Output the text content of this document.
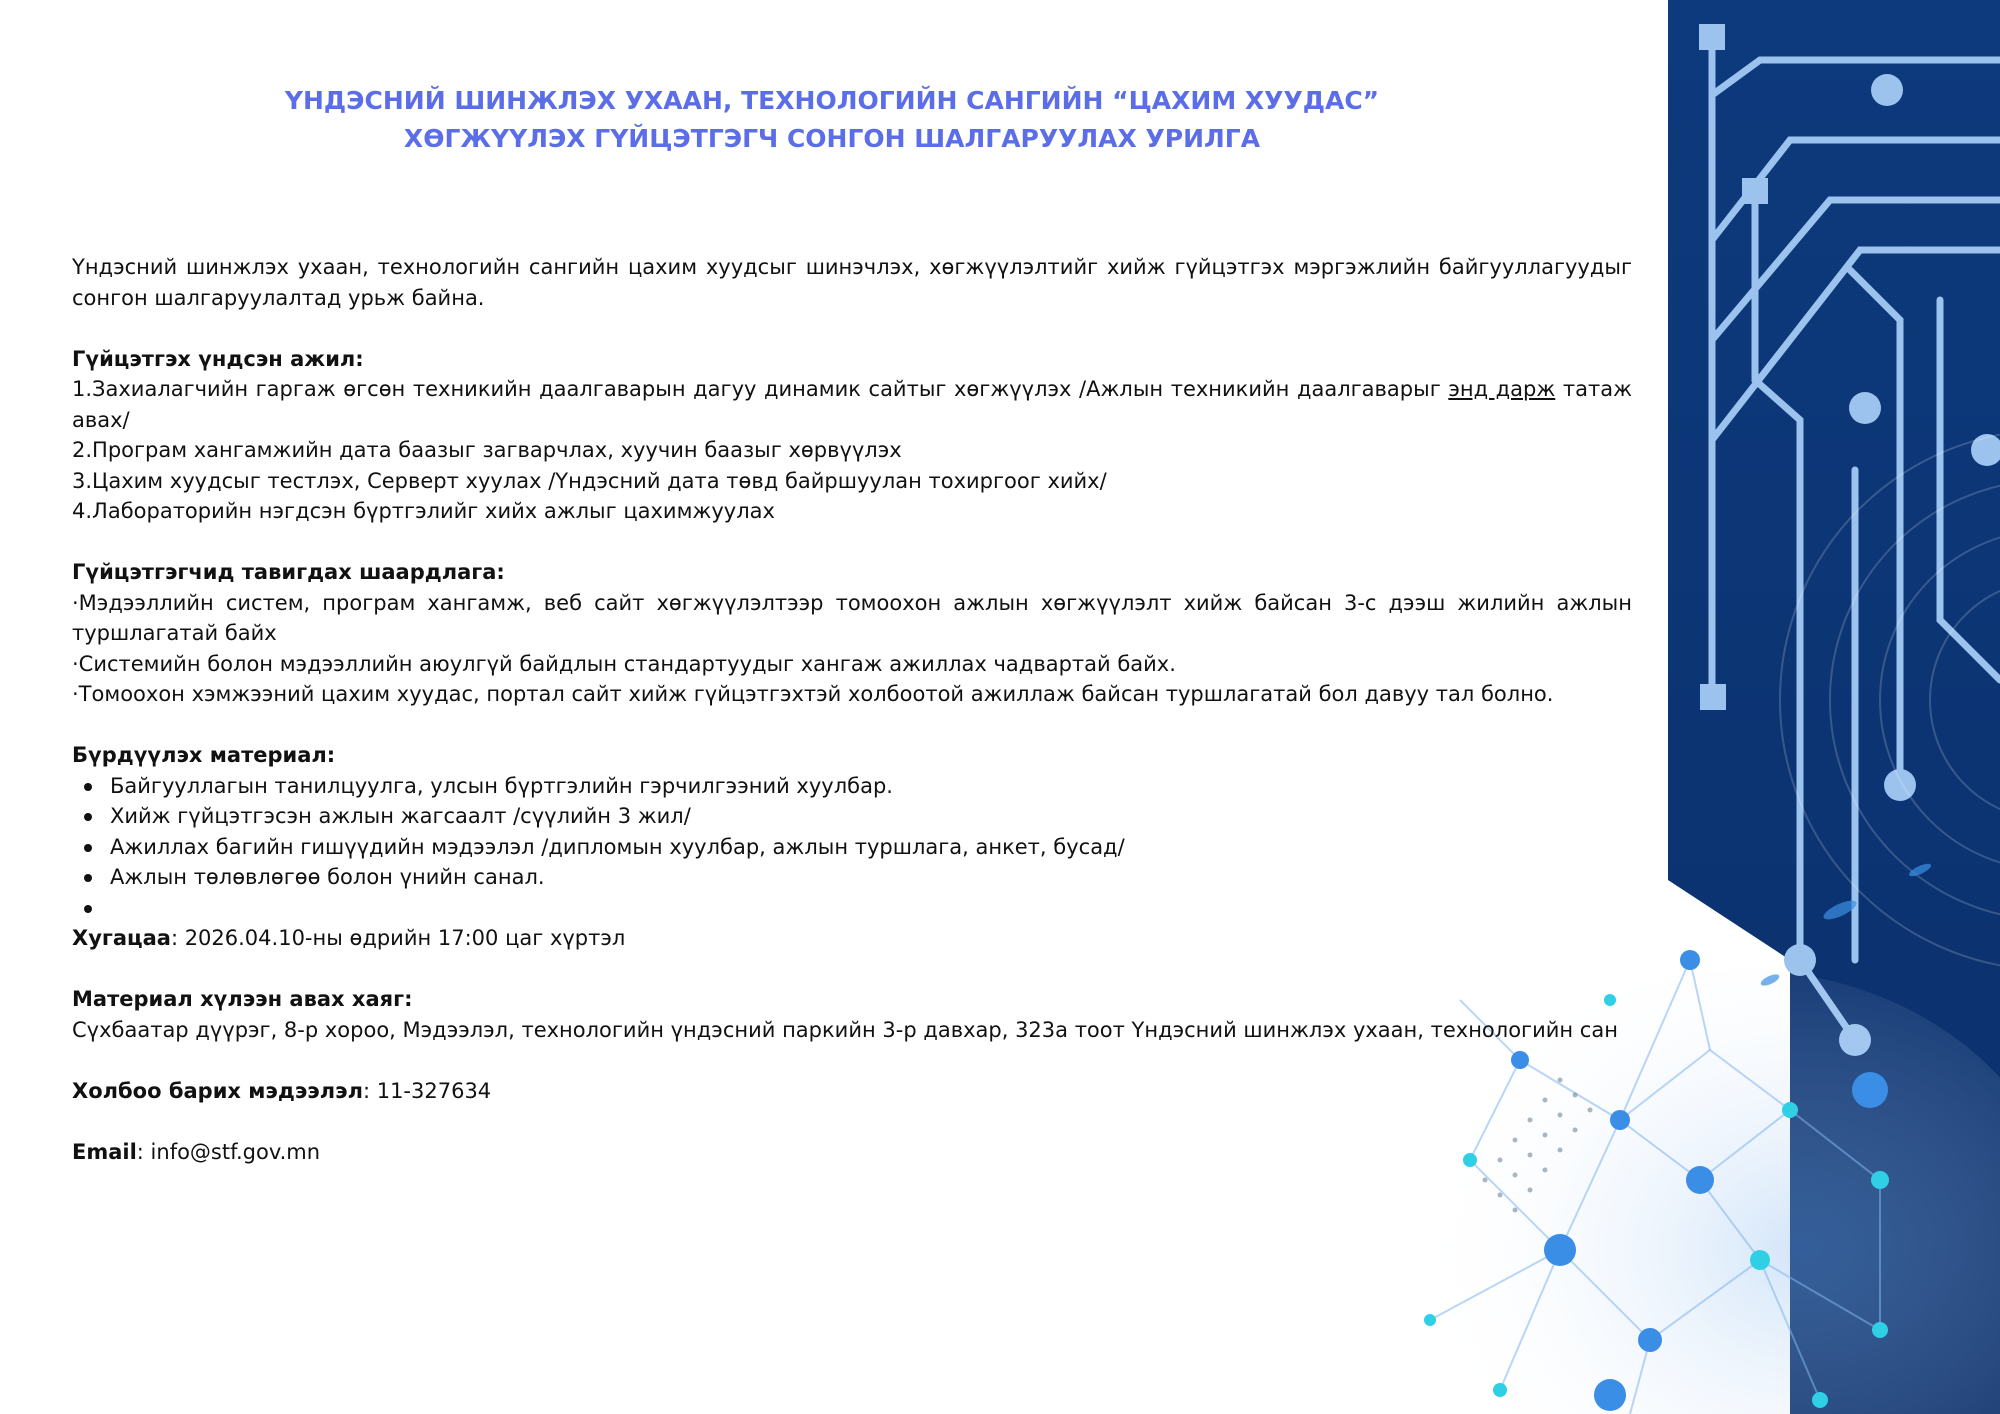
ҮНДЭСНИЙ ШИНЖЛЭХ УХААН, ТЕХНОЛОГИЙН САНГИЙН “ЦАХИМ ХУУДАС”
ХӨГЖҮҮЛЭХ ГҮЙЦЭТГЭГЧ СОНГОН ШАЛГАРУУЛАХ УРИЛГА

Үндэсний шинжлэх ухаан, технологийн сангийн цахим хуудсыг шинэчлэх, хөгжүүлэлтийг хийж гүйцэтгэх мэргэжлийн байгууллагуудыг сонгон шалгаруулалтад урьж байна.

Гүйцэтгэх үндсэн ажил:

1.Захиалагчийн гаргаж өгсөн техникийн даалгаварын дагуу динамик сайтыг хөгжүүлэх /Ажлын техникийн даалгаварыг энд дарж татаж авах/

2.Програм хангамжийн дата баазыг загварчлах, хуучин баазыг хөрвүүлэх

3.Цахим хуудсыг тестлэх, Серверт хуулах /Үндэсний дата төвд байршуулан тохиргоог хийх/

4.Лабораторийн нэгдсэн бүртгэлийг хийх ажлыг цахимжуулах

Гүйцэтгэгчид тавигдах шаардлага:

·Мэдээллийн систем, програм хангамж, веб сайт хөгжүүлэлтээр томоохон ажлын хөгжүүлэлт хийж байсан 3-с дээш жилийн ажлын туршлагатай байх

·Системийн болон мэдээллийн аюулгүй байдлын стандартуудыг хангаж ажиллах чадвартай байх.

·Томоохон хэмжээний цахим хуудас, портал сайт хийж гүйцэтгэхтэй холбоотой ажиллаж байсан туршлагатай бол давуу тал болно.

Бүрдүүлэх материал:

Байгууллагын танилцуулга, улсын бүртгэлийн гэрчилгээний хуулбар.
Хийж гүйцэтгэсэн ажлын жагсаалт /сүүлийн 3 жил/
Ажиллах багийн гишүүдийн мэдээлэл /дипломын хуулбар, ажлын туршлага, анкет, бусад/
Ажлын төлөвлөгөө болон үнийн санал.

Хугацаа: 2026.04.10-ны өдрийн 17:00 цаг хүртэл

Материал хүлээн авах хаяг:

Сүхбаатар дүүрэг, 8-р хороо, Мэдээлэл, технологийн үндэсний паркийн 3-р давхар, 323а тоот Үндэсний шинжлэх ухаан, технологийн сан

Холбоо барих мэдээлэл: 11-327634

Email: info@stf.gov.mn
